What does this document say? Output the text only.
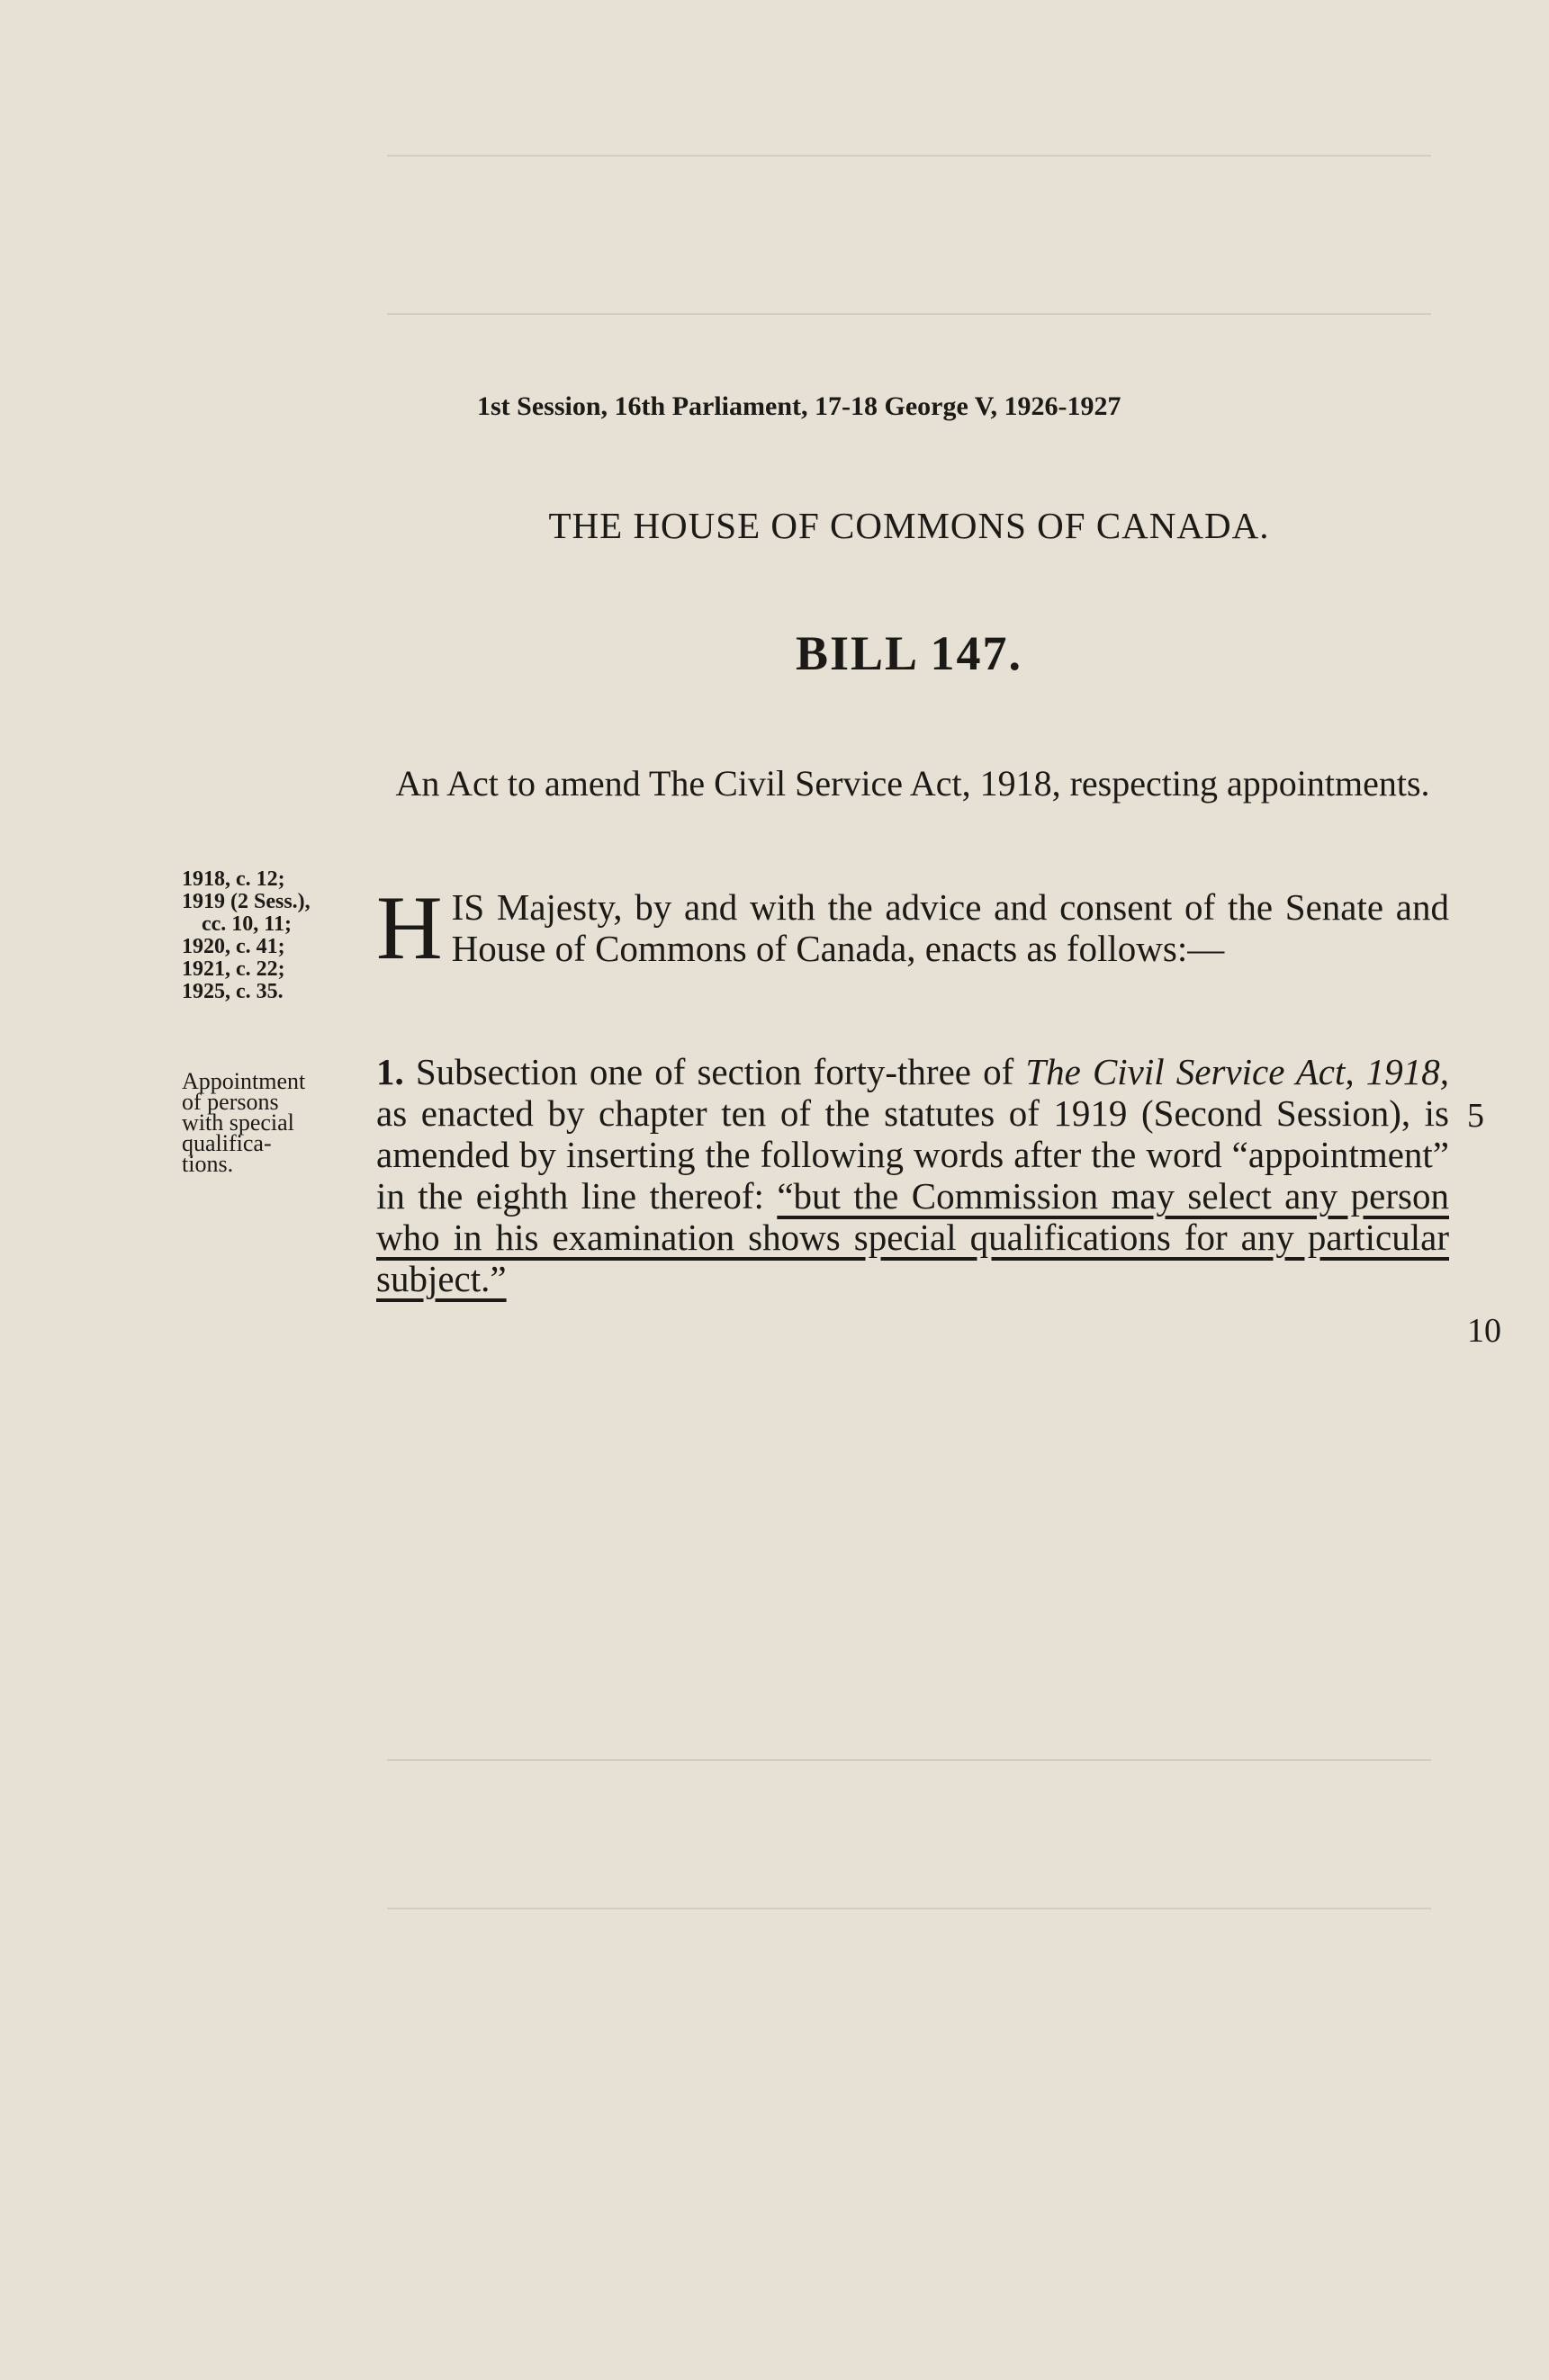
1st Session, 16th Parliament, 17-18 George V, 1926-1927
THE HOUSE OF COMMONS OF CANADA.
BILL 147.
An Act to amend The Civil Service Act, 1918, respecting appointments.
1918, c. 12;
1919 (2 Sess.),
cc. 10, 11;
1920, c. 41;
1921, c. 22;
1925, c. 35.
Appointment
of persons
with special
qualifica-
tions.
HIS Majesty, by and with the advice and consent of the Senate and House of Commons of Canada, enacts as follows:—
1. Subsection one of section forty-three of The Civil Service Act, 1918, as enacted by chapter ten of the statutes of 1919 (Second Session), is amended by inserting the following words after the word “appointment” in the eighth line thereof: “but the Commission may select any person who in his examination shows special qualifications for any particular subject.”
5
10
